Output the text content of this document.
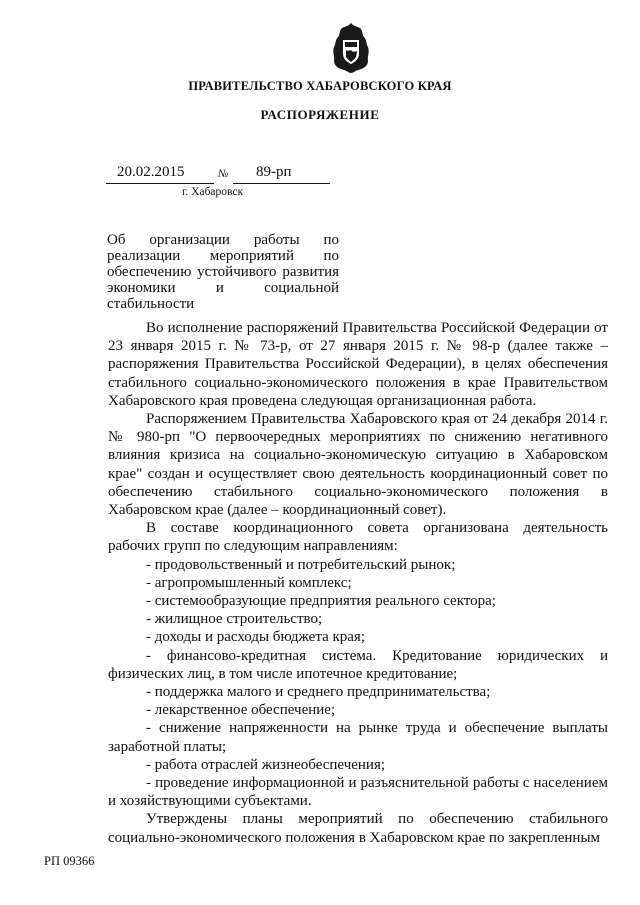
ПРАВИТЕЛЬСТВО ХАБАРОВСКОГО КРАЯ
РАСПОРЯЖЕНИЕ
20.02.2015	№ 89-рп
г. Хабаровск
Об организации работы по реализации мероприятий по обеспечению устойчивого развития экономики и социальной стабильности

Во исполнение распоряжений Правительства Российской Федерации от 23 января 2015 г. № 73-р, от 27 января 2015 г. № 98-р (далее также – распоряжения Правительства Российской Федерации), в целях обеспечения стабильного социально-экономического положения в крае Правительством Хабаровского края проведена следующая организационная работа.

Распоряжением Правительства Хабаровского края от 24 декабря 2014 г. № 980-рп "О первоочередных мероприятиях по снижению негативного влияния кризиса на социально-экономическую ситуацию в Хабаровском крае" создан и осуществляет свою деятельность координационный совет по обеспечению стабильного социально-экономического положения в Хабаровском крае (далее – координационный совет).

В составе координационного совета организована деятельность рабочих групп по следующим направлениям:

- продовольственный и потребительский рынок;

- агропромышленный комплекс;

- системообразующие предприятия реального сектора;

- жилищное строительство;

- доходы и расходы бюджета края;

- финансово-кредитная система. Кредитование юридических и физических лиц, в том числе ипотечное кредитование;

- поддержка малого и среднего предпринимательства;

- лекарственное обеспечение;

- снижение напряженности на рынке труда и обеспечение выплаты заработной платы;

- работа отраслей жизнеобеспечения;

- проведение информационной и разъяснительной работы с населением и хозяйствующими субъектами.

Утверждены планы мероприятий по обеспечению стабильного социально-экономического положения в Хабаровском крае по закрепленным

РП 09366
